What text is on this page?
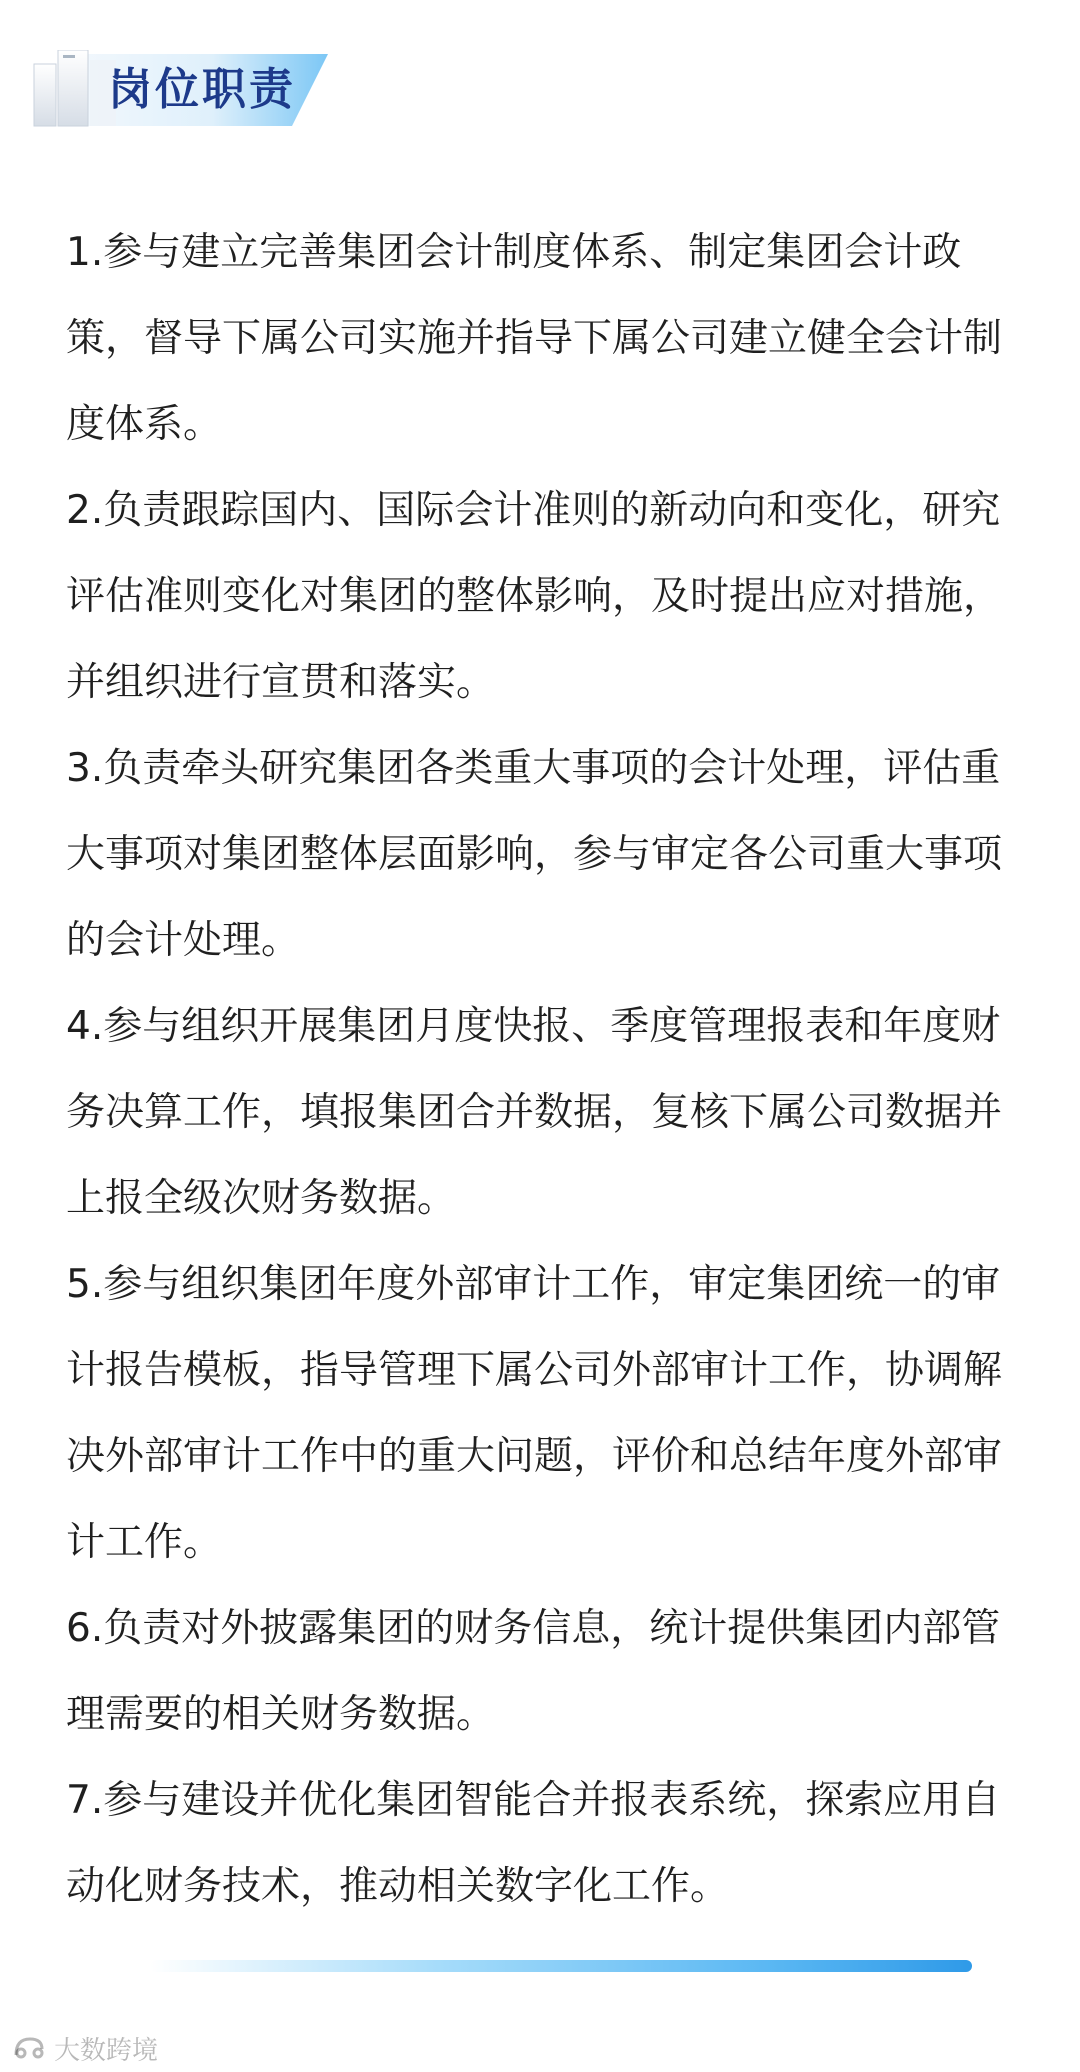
岗位职责
1.参与建立完善集团会计制度体系、制定集团会计政策，督导下属公司实施并指导下属公司建立健全会计制度体系。
2.负责跟踪国内、国际会计准则的新动向和变化，研究评估准则变化对集团的整体影响，及时提出应对措施，并组织进行宣贯和落实。
3.负责牵头研究集团各类重大事项的会计处理，评估重大事项对集团整体层面影响，参与审定各公司重大事项的会计处理。
4.参与组织开展集团月度快报、季度管理报表和年度财务决算工作，填报集团合并数据，复核下属公司数据并上报全级次财务数据。
5.参与组织集团年度外部审计工作，审定集团统一的审计报告模板，指导管理下属公司外部审计工作，协调解决外部审计工作中的重大问题，评价和总结年度外部审计工作。
6.负责对外披露集团的财务信息，统计提供集团内部管理需要的相关财务数据。
7.参与建设并优化集团智能合并报表系统，探索应用自动化财务技术，推动相关数字化工作。
大数跨境
